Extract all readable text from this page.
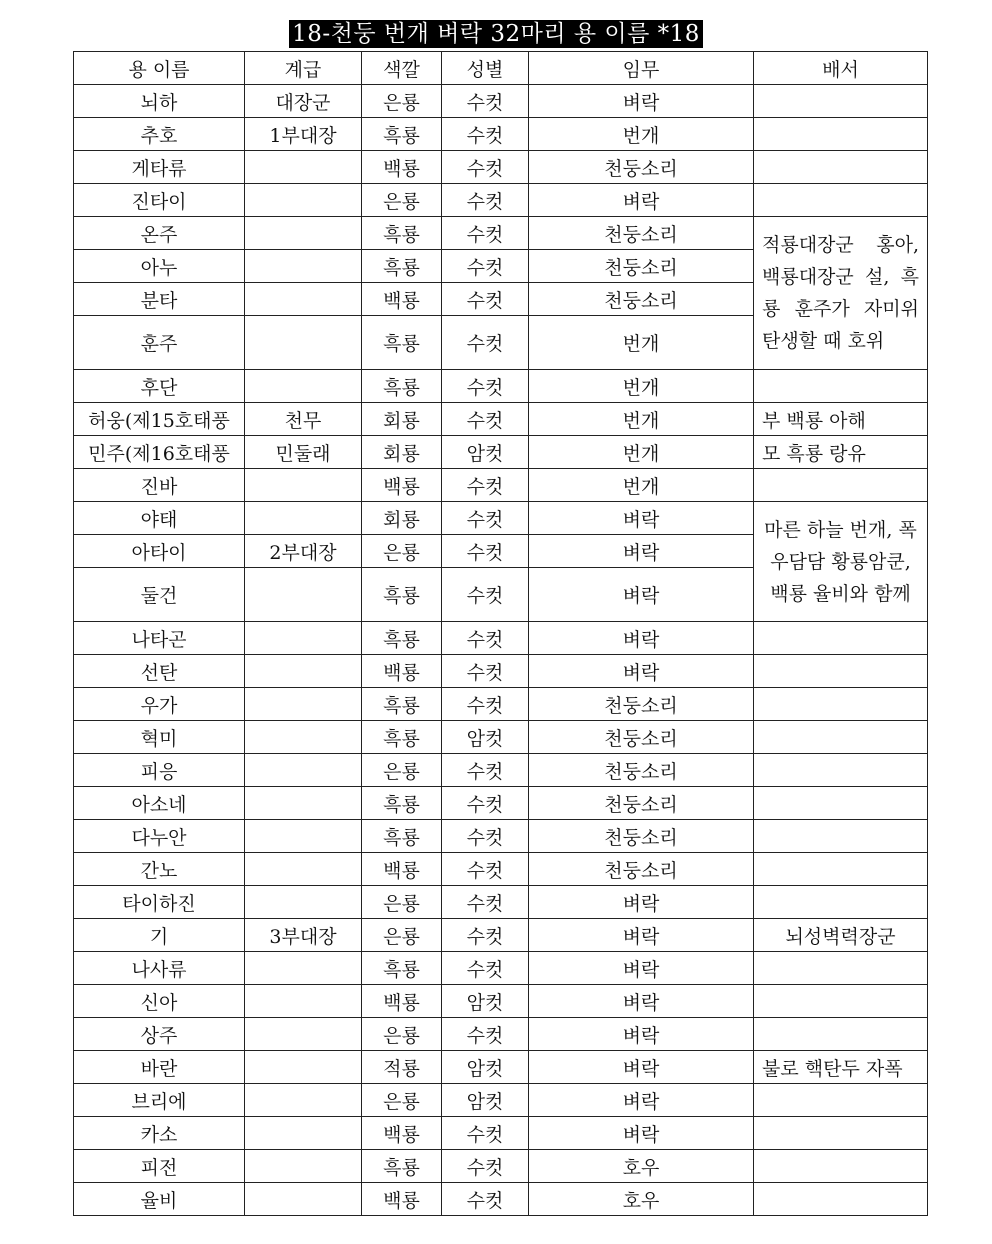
18-천둥 번개 벼락 32마리 용 이름 *18
용 이름	계급	색깔	성별	임무	배서
뇌하	대장군	은룡	수컷	벼락	
추호	1부대장	흑룡	수컷	번개	
게타류		백룡	수컷	천둥소리	
진타이		은룡	수컷	벼락	
온주		흑룡	수컷	천둥소리	적룡대장군 홍아, 백룡대장군 설, 흑룡 훈주가 자미위 탄생할 때 호위
아누		흑룡	수컷	천둥소리	
분타		백룡	수컷	천둥소리	
훈주		흑룡	수컷	번개	
후단		흑룡	수컷	번개	
허웅(제15호태풍	천무	회룡	수컷	번개	부 백룡 아해
민주(제16호태풍	민둘래	회룡	암컷	번개	모 흑룡 랑유
진바		백룡	수컷	번개	
야태		회룡	수컷	벼락	마른 하늘 번개, 폭우담담 황룡암쿤, 백룡 율비와 함께
아타이	2부대장	은룡	수컷	벼락	
둘건		흑룡	수컷	벼락	
나타곤		흑룡	수컷	벼락	
선탄		백룡	수컷	벼락	
우가		흑룡	수컷	천둥소리	
혁미		흑룡	암컷	천둥소리	
피응		은룡	수컷	천둥소리	
아소네		흑룡	수컷	천둥소리	
다누안		흑룡	수컷	천둥소리	
간노		백룡	수컷	천둥소리	
타이하진		은룡	수컷	벼락	
기	3부대장	은룡	수컷	벼락	뇌성벽력장군
나사류		흑룡	수컷	벼락	
신아		백룡	암컷	벼락	
상주		은룡	수컷	벼락	
바란		적룡	암컷	벼락	불로 핵탄두 자폭
브리에		은룡	암컷	벼락	
카소		백룡	수컷	벼락	
피전		흑룡	수컷	호우	
율비		백룡	수컷	호우	
